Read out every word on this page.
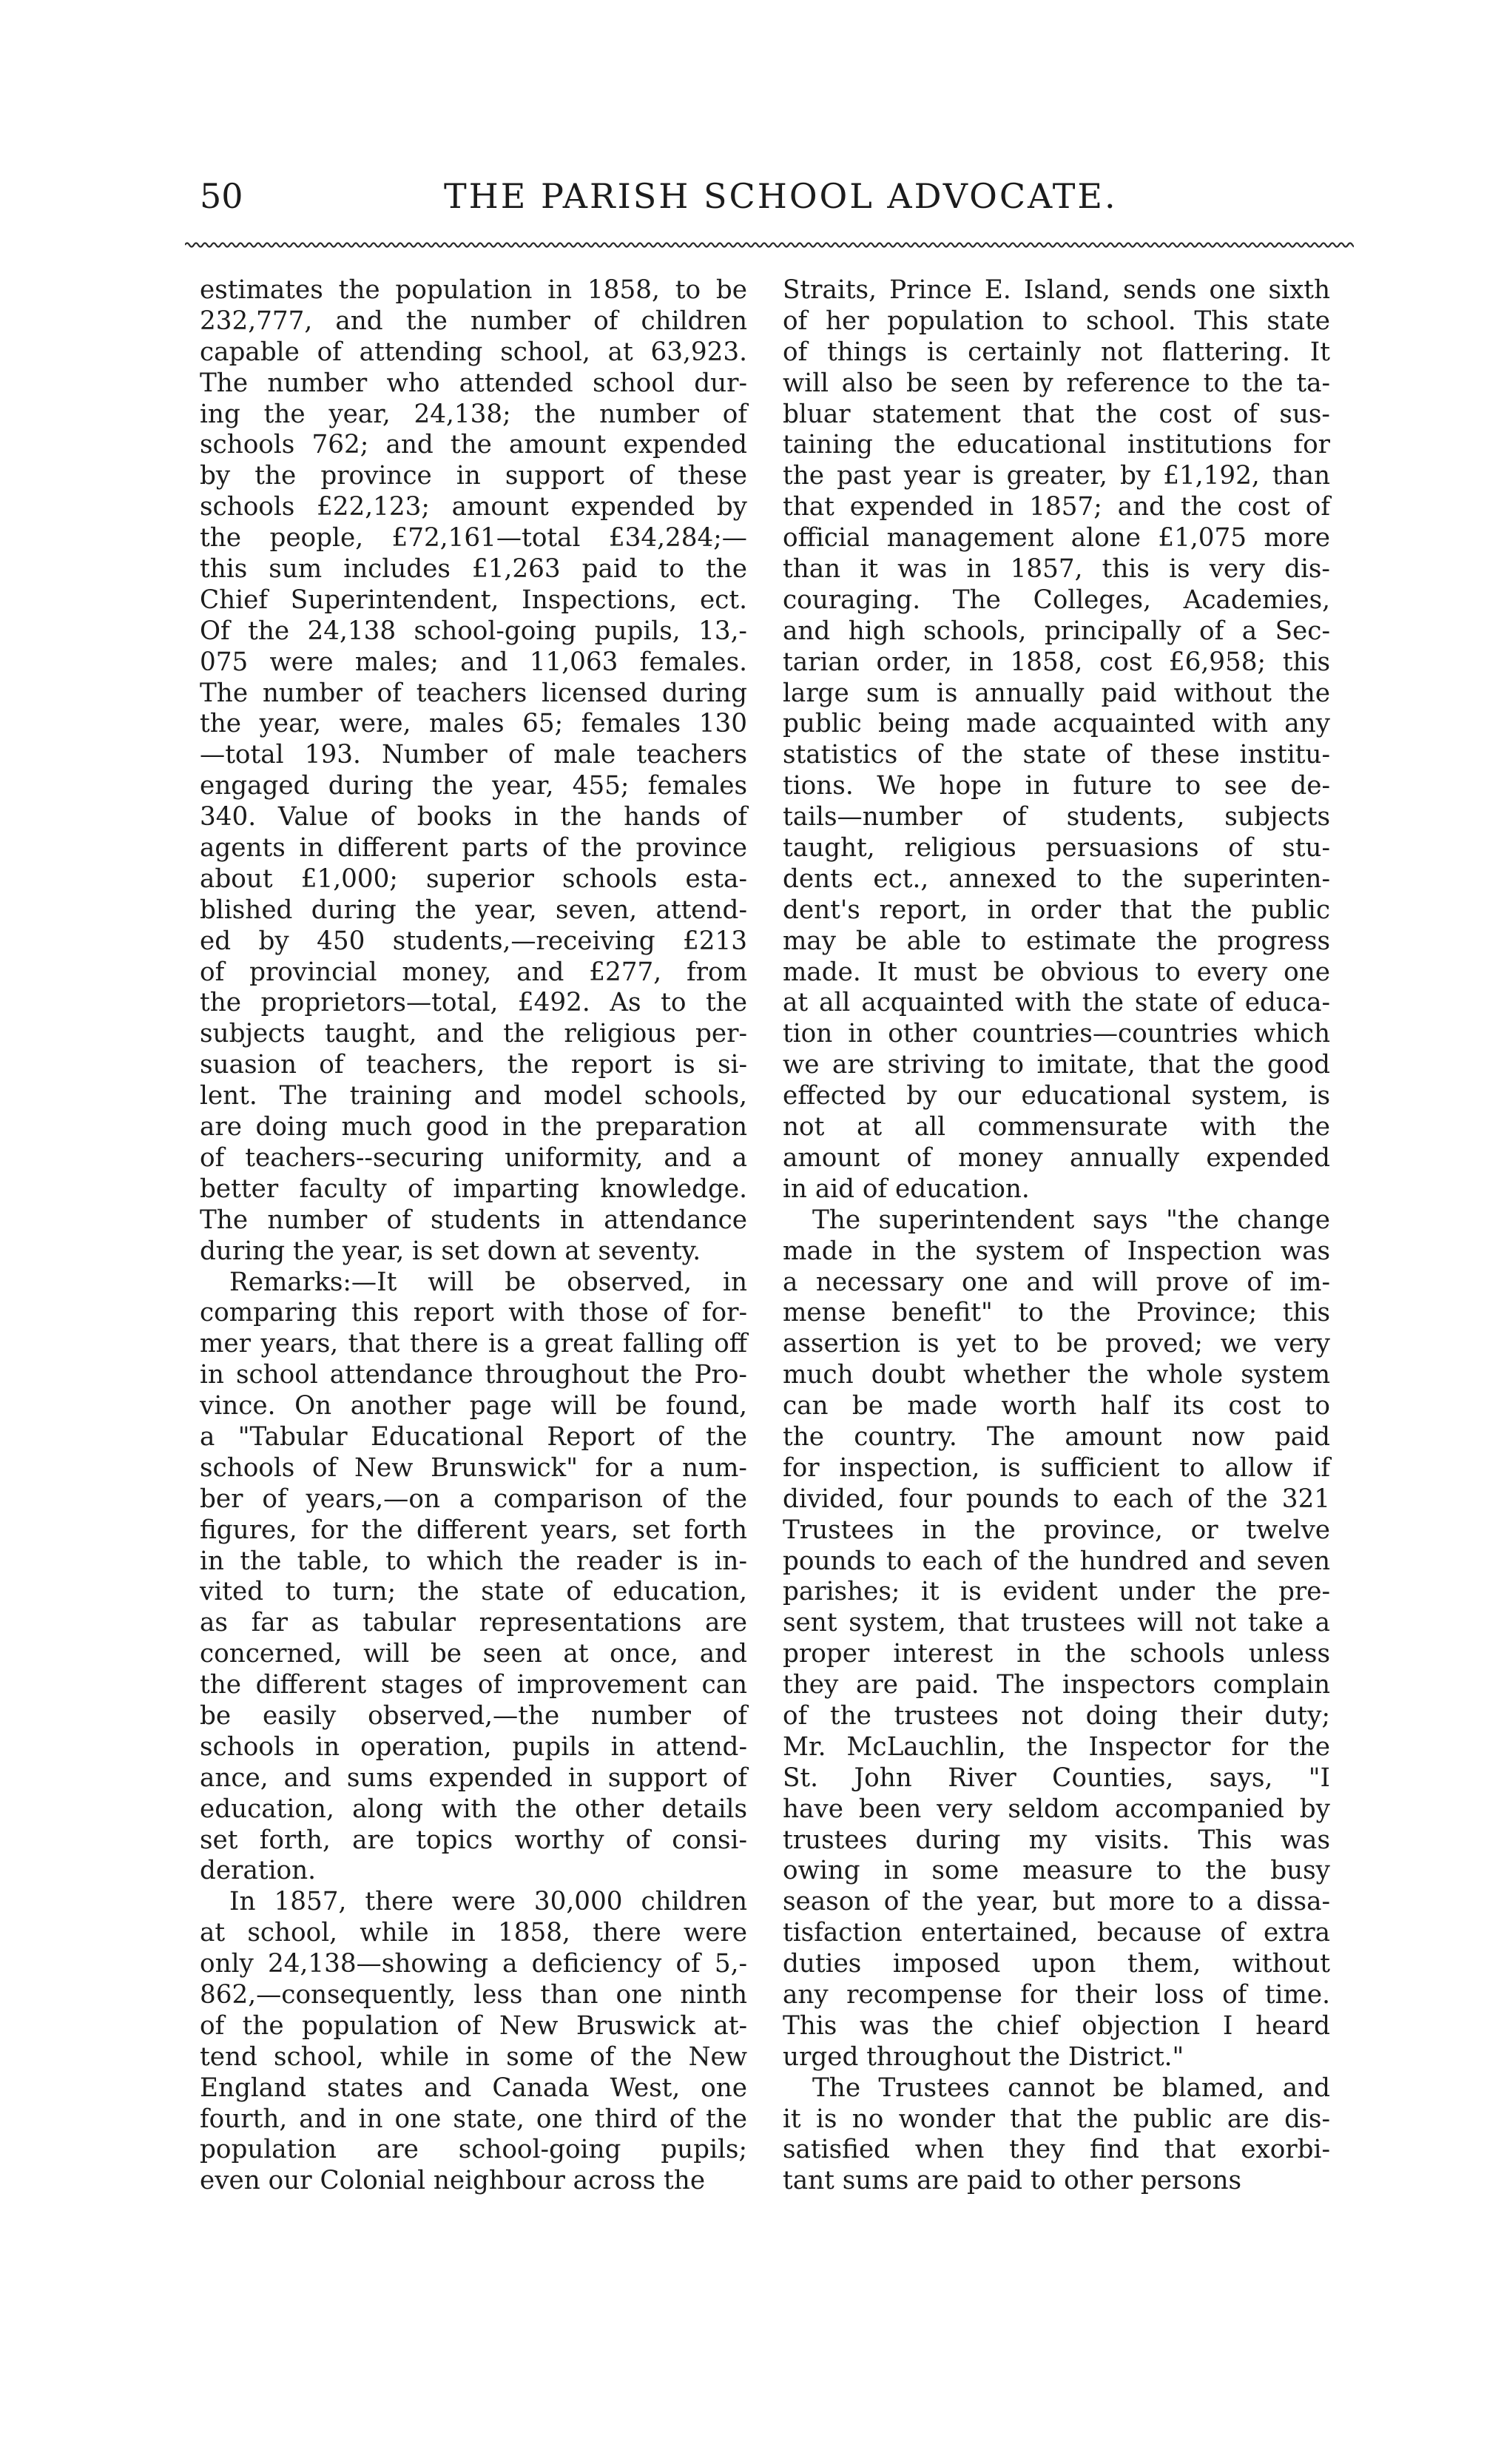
50	THE PARISH SCHOOL ADVOCATE.
estimates the population in 1858, to be
232,777, and the number of children
capable of attending school, at 63,923.
The number who attended school dur-
ing the year, 24,138; the number of
schools 762; and the amount expended
by the province in support of these
schools £22,123; amount expended by
the people, £72,161—total £34,284;—
this sum includes £1,263 paid to the
Chief Superintendent, Inspections, ect.
Of the 24,138 school-going pupils, 13,-
075 were males; and 11,063 females.
The number of teachers licensed during
the year, were, males 65; females 130
—total 193. Number of male teachers
engaged during the year, 455; females
340. Value of books in the hands of
agents in different parts of the province
about £1,000; superior schools esta-
blished during the year, seven, attend-
ed by 450 students,—receiving £213
of provincial money, and £277, from
the proprietors—total, £492. As to the
subjects taught, and the religious per-
suasion of teachers, the report is si-
lent. The training and model schools,
are doing much good in the preparation
of teachers--securing uniformity, and a
better faculty of imparting knowledge.
The number of students in attendance
during the year, is set down at seventy.
Remarks:—It will be observed, in
comparing this report with those of for-
mer years, that there is a great falling off
in school attendance throughout the Pro-
vince. On another page will be found,
a "Tabular Educational Report of the
schools of New Brunswick" for a num-
ber of years,—on a comparison of the
figures, for the different years, set forth
in the table, to which the reader is in-
vited to turn; the state of education,
as far as tabular representations are
concerned, will be seen at once, and
the different stages of improvement can
be easily observed,—the number of
schools in operation, pupils in attend-
ance, and sums expended in support of
education, along with the other details
set forth, are topics worthy of consi-
deration.
In 1857, there were 30,000 children
at school, while in 1858, there were
only 24,138—showing a deficiency of 5,-
862,—consequently, less than one ninth
of the population of New Bruswick at-
tend school, while in some of the New
England states and Canada West, one
fourth, and in one state, one third of the
population are school-going pupils;
even our Colonial neighbour across the
Straits, Prince E. Island, sends one sixth
of her population to school. This state
of things is certainly not flattering. It
will also be seen by reference to the ta-
bluar statement that the cost of sus-
taining the educational institutions for
the past year is greater, by £1,192, than
that expended in 1857; and the cost of
official management alone £1,075 more
than it was in 1857, this is very dis-
couraging. The Colleges, Academies,
and high schools, principally of a Sec-
tarian order, in 1858, cost £6,958; this
large sum is annually paid without the
public being made acquainted with any
statistics of the state of these institu-
tions. We hope in future to see de-
tails—number of students, subjects
taught, religious persuasions of stu-
dents ect., annexed to the superinten-
dent's report, in order that the public
may be able to estimate the progress
made. It must be obvious to every one
at all acquainted with the state of educa-
tion in other countries—countries which
we are striving to imitate, that the good
effected by our educational system, is
not at all commensurate with the
amount of money annually expended
in aid of education.
The superintendent says "the change
made in the system of Inspection was
a necessary one and will prove of im-
mense benefit" to the Province; this
assertion is yet to be proved; we very
much doubt whether the whole system
can be made worth half its cost to
the country. The amount now paid
for inspection, is sufficient to allow if
divided, four pounds to each of the 321
Trustees in the province, or twelve
pounds to each of the hundred and seven
parishes; it is evident under the pre-
sent system, that trustees will not take a
proper interest in the schools unless
they are paid. The inspectors complain
of the trustees not doing their duty;
Mr. McLauchlin, the Inspector for the
St. John River Counties, says, "I
have been very seldom accompanied by
trustees during my visits. This was
owing in some measure to the busy
season of the year, but more to a dissa-
tisfaction entertained, because of extra
duties imposed upon them, without
any recompense for their loss of time.
This was the chief objection I heard
urged throughout the District."
The Trustees cannot be blamed, and
it is no wonder that the public are dis-
satisfied when they find that exorbi-
tant sums are paid to other persons
